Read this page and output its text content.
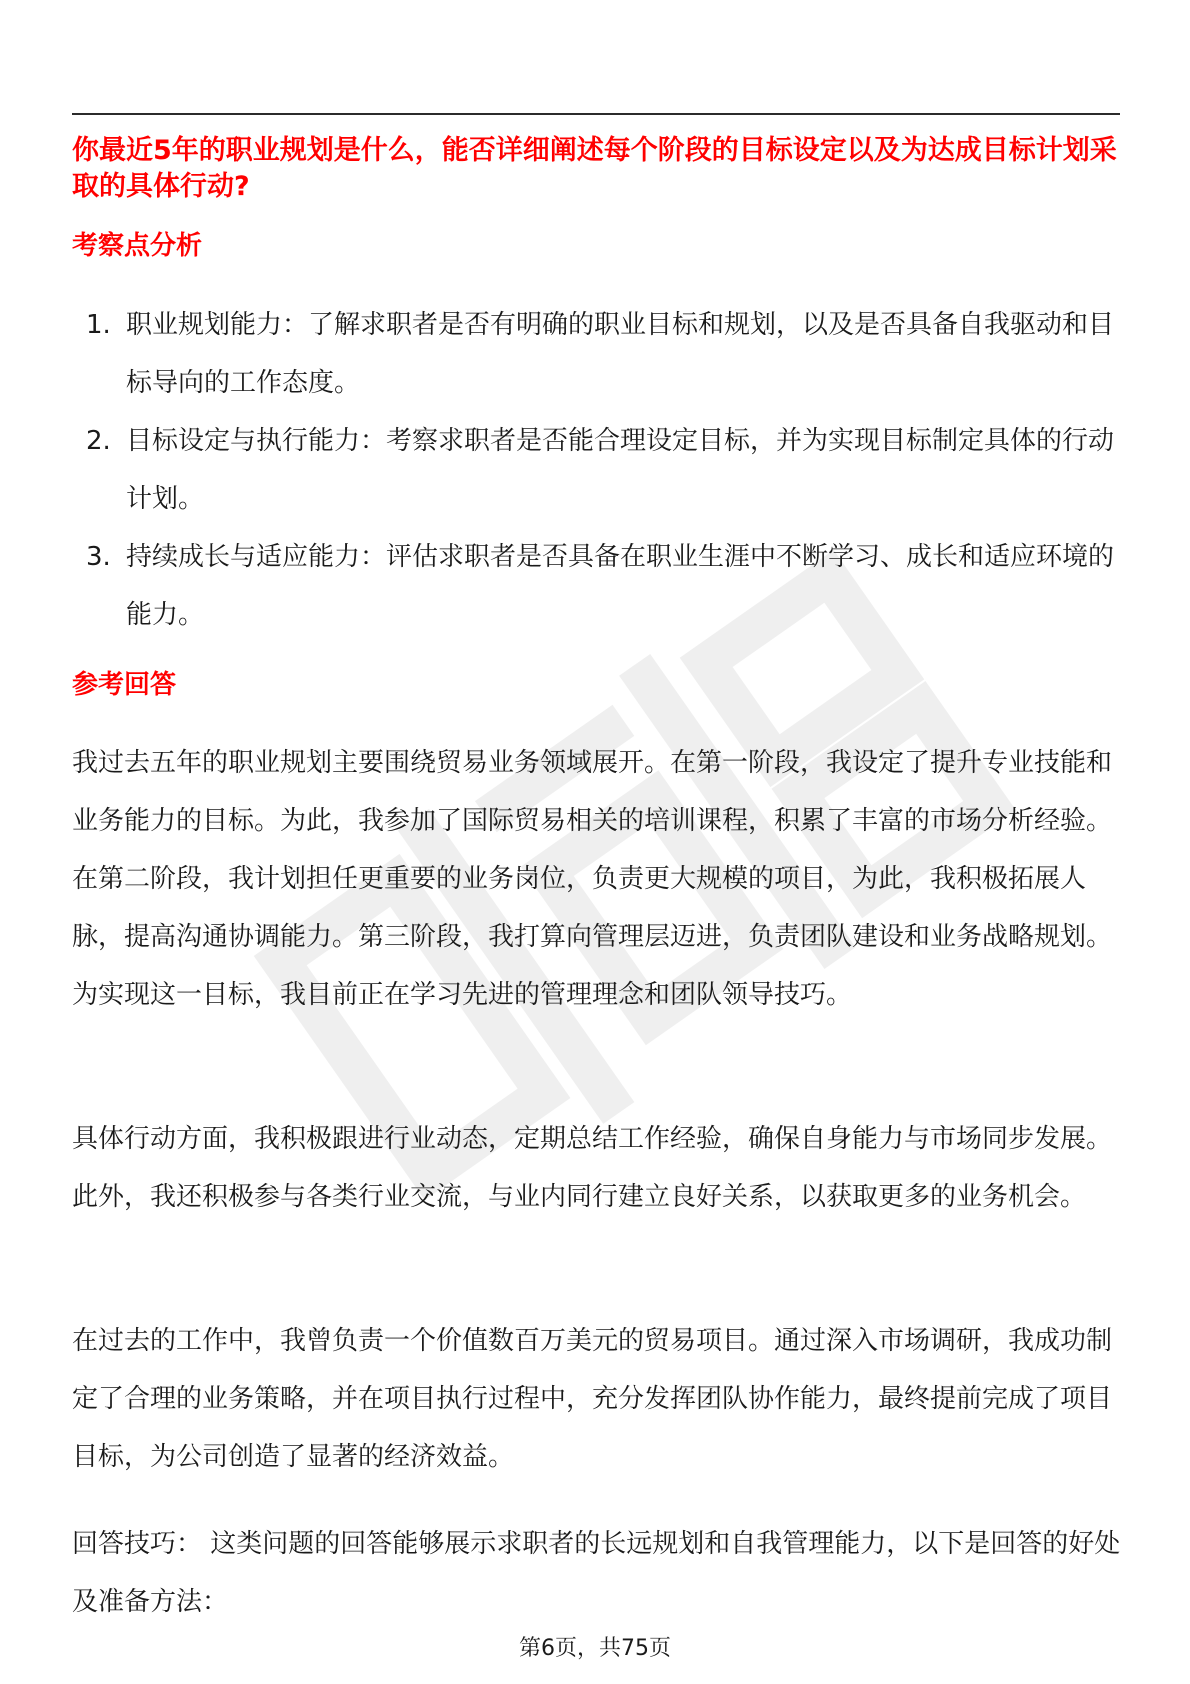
你最近5年的职业规划是什么，能否详细阐述每个阶段的目标设定以及为达成目标计划采取的具体行动?

考察点分析
1. 职业规划能力：了解求职者是否有明确的职业目标和规划，以及是否具备自我驱动和目标导向的工作态度。
2. 目标设定与执行能力：考察求职者是否能合理设定目标，并为实现目标制定具体的行动计划。
3. 持续成长与适应能力：评估求职者是否具备在职业生涯中不断学习、成长和适应环境的能力。
参考回答

我过去五年的职业规划主要围绕贸易业务领域展开。在第一阶段，我设定了提升专业技能和业务能力的目标。为此，我参加了国际贸易相关的培训课程，积累了丰富的市场分析经验。在第二阶段，我计划担任更重要的业务岗位，负责更大规模的项目，为此，我积极拓展人脉，提高沟通协调能力。第三阶段，我打算向管理层迈进，负责团队建设和业务战略规划。为实现这一目标，我目前正在学习先进的管理理念和团队领导技巧。

具体行动方面，我积极跟进行业动态，定期总结工作经验，确保自身能力与市场同步发展。此外，我还积极参与各类行业交流，与业内同行建立良好关系，以获取更多的业务机会。

在过去的工作中，我曾负责一个价值数百万美元的贸易项目。通过深入市场调研，我成功制定了合理的业务策略，并在项目执行过程中，充分发挥团队协作能力，最终提前完成了项目目标，为公司创造了显著的经济效益。

回答技巧： 这类问题的回答能够展示求职者的长远规划和自我管理能力，以下是回答的好处及准备方法：

第6页，共75页
